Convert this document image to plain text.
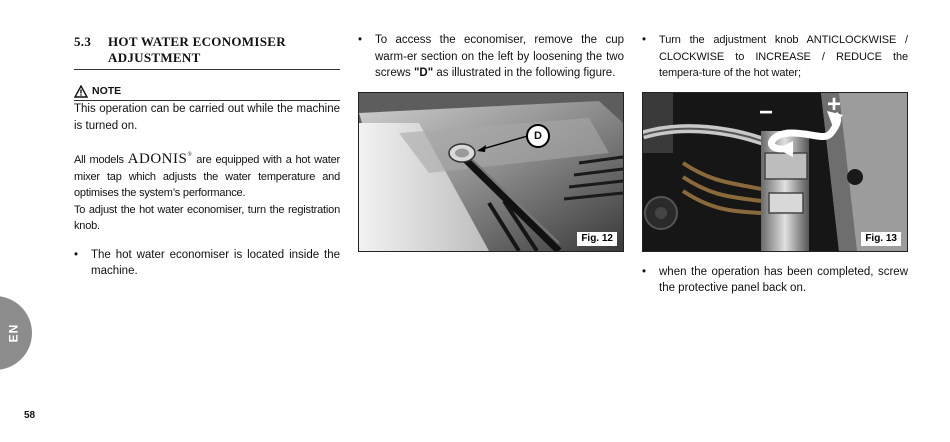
5.3	HOT WATER ECONOMISER
ADJUSTMENT
NOTE

This operation can be carried out while the machine is turned on.

All models ADONIS® are equipped with a hot water mixer tap which adjusts the water temperature and optimises the system’s performance.

To adjust the hot water economiser, turn the registration knob.

•	The hot water economiser is located inside the machine.
•	To access the economiser, remove the cup warm-er section on the left by loosening the two screws "D" as illustrated in the following figure.
D
Fig. 12
•	Turn the adjustment knob ANTICLOCKWISE / CLOCKWISE to INCREASE / REDUCE the tempera-ture of the hot water;
− +
Fig. 13
•	when the operation has been completed, screw the protective panel back on.
EN
58
